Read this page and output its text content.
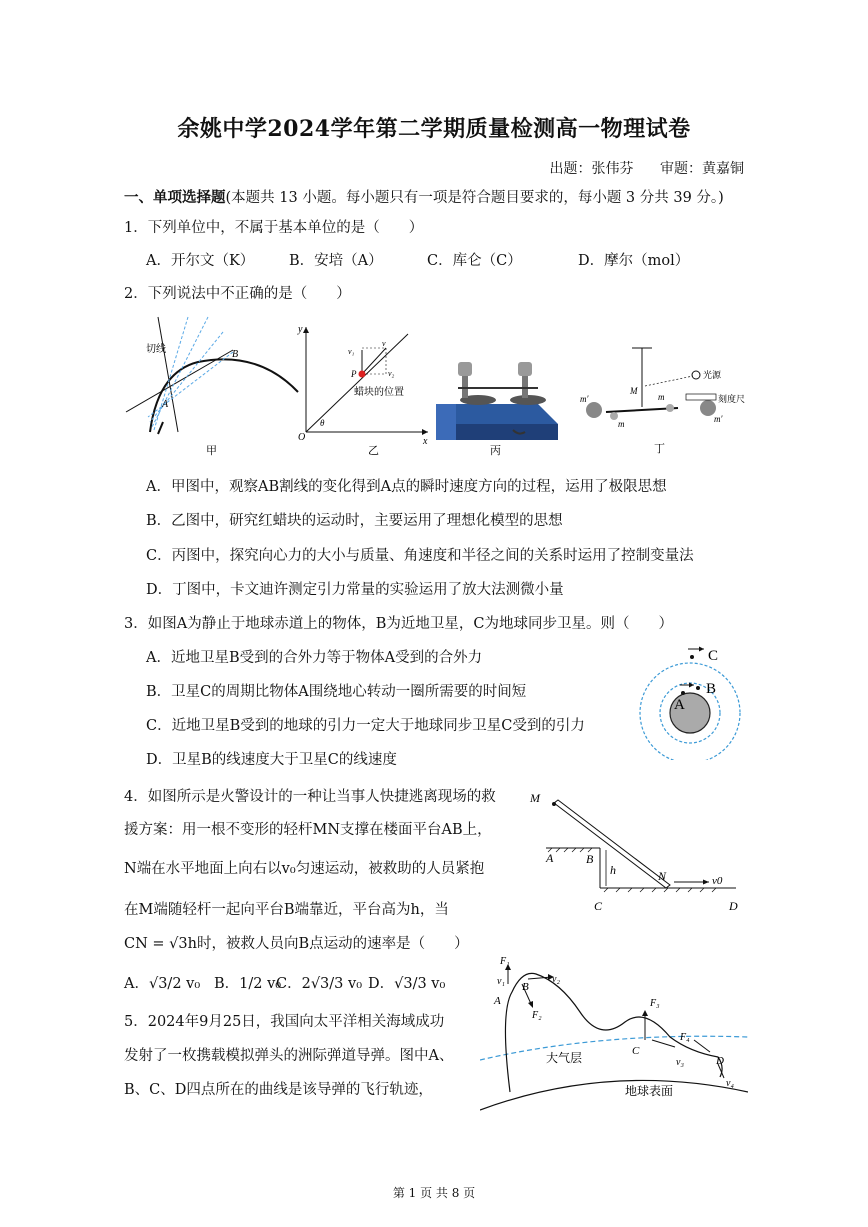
余姚中学2024学年第二学期质量检测高一物理试卷
出题：张伟芬 审题：黄嘉铜
一、单项选择题(本题共 13 小题。每小题只有一项是符合题目要求的，每小题 3 分共 39 分。)
1．下列单位中，不属于基本单位的是（　　）
A．开尔文（K） B．安培（A）	C．库仑（C）	D．摩尔（mol）
2．下列说法中不正确的是（　　）
切线	B
A
甲
y
x
O
θ
P
v₁
v
v₂
蜡块的位置
乙	丙
光源
刻度尺
M
m′
m′
m
m
丁
A．甲图中，观察AB割线的变化得到A点的瞬时速度方向的过程，运用了极限思想
B．乙图中，研究红蜡块的运动时，主要运用了理想化模型的思想
C．丙图中，探究向心力的大小与质量、角速度和半径之间的关系时运用了控制变量法
D．丁图中，卡文迪许测定引力常量的实验运用了放大法测微小量
3．如图A为静止于地球赤道上的物体，B为近地卫星，C为地球同步卫星。则（　　）
A．近地卫星B受到的合外力等于物体A受到的合外力
B．卫星C的周期比物体A围绕地心转动一圈所需要的时间短
C．近地卫星B受到的地球的引力一定大于地球同步卫星C受到的引力
D．卫星B的线速度大于卫星C的线速度
C
B
A
4．如图所示是火警设计的一种让当事人快捷逃离现场的救
援方案：用一根不变形的轻杆MN支撑在楼面平台AB上，
N端在水平地面上向右以v₀匀速运动，被救助的人员紧抱
在M端随轻杆一起向平台B端靠近，平台高为h，当
CN = √3h时，被救人员向B点运动的速率是（　　）
A．√3/2 v₀ B．1/2 v₀
C．2√3/3 v₀ D．√3/3 v₀
M
A	B
h	N	v0
C	D
5．2024年9月25日，我国向太平洋相关海域成功
发射了一枚携载模拟弹头的洲际弹道导弹。图中A、
B、C、D四点所在的曲线是该导弹的飞行轨迹，
F₁
v₁
A
B
v₂
F₂
F₃
C
v₃
F₄
D
v₄
大气层
地球表面
第 1 页 共 8 页
